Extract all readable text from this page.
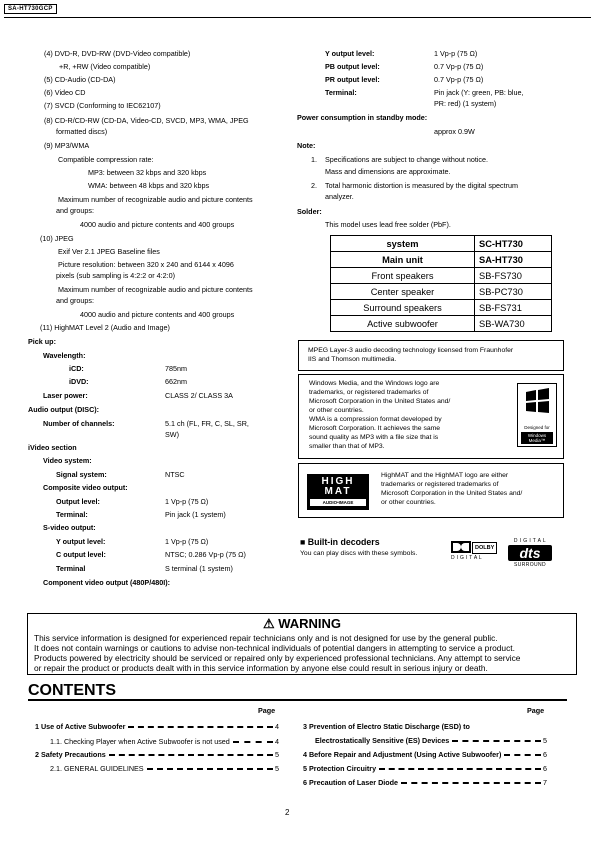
SA-HT730GCP
(4) DVD-R, DVD-RW (DVD-Video compatible)
+R, +RW (Video compatible)
(5) CD-Audio (CD-DA)
(6) Video CD
(7) SVCD (Conforming to IEC62107)
(8) CD-R/CD-RW (CD-DA, Video-CD, SVCD, MP3, WMA, JPEG
formatted discs)
(9) MP3/WMA
Compatible compression rate:
MP3: between 32 kbps and 320 kbps
WMA: between 48 kbps and 320 kbps
Maximum number of recognizable audio and picture contents
and groups:
4000 audio and picture contents and 400 groups
(10) JPEG
Exif Ver 2.1 JPEG Baseline files
Picture resolution: between 320 x 240 and 6144 x 4096
pixels (sub sampling is 4:2:2 or 4:2:0)
Maximum number of recognizable audio and picture contents
and groups:
4000 audio and picture contents and 400 groups
(11) HighMAT Level 2 (Audio and Image)
Pick up:
Wavelength:
iCD:	785nm
iDVD:	662nm
Laser power:	CLASS 2/ CLASS 3A
Audio output (DISC):
Number of channels:	5.1 ch (FL, FR, C, SL, SR,
SW)
iVideo section
Video system:
Signal system:	NTSC
Composite video output:
Output level:	1 Vp-p (75 Ω)
Terminal:	Pin jack (1 system)
S-video output:
Y output level:	1 Vp-p (75 Ω)
C output level:	NTSC; 0.286 Vp-p (75 Ω)
Terminal	S terminal (1 system)
Component video output (480P/480I):
Y output level:	1 Vp-p (75 Ω)
PB output level:	0.7 Vp-p (75 Ω)
PR output level:	0.7 Vp-p (75 Ω)
Terminal:	Pin jack (Y: green, PB: blue,
PR: red) (1 system)
Power consumption in standby mode:
approx 0.9W
Note:
1. Specifications are subject to change without notice.
Mass and dimensions are approximate.
2. Total harmonic distortion is measured by the digital spectrum
analyzer.
Solder:
This model uses lead free solder (PbF).
system	SC-HT730
Main unit	SA-HT730
Front speakers	SB-FS730
Center speaker	SB-PC730
Surround speakers	SB-FS731
Active subwoofer	SB-WA730
MPEG Layer-3 audio decoding technology licensed from Fraunhofer
IIS and Thomson multimedia.
Windows Media, and the Windows logo are
trademarks, or registered trademarks of
Microsoft Corporation in the United States and/
or other countries.
WMA is a compression format developed by
Microsoft Corporation. It achieves the same
sound quality as MP3 with a file size that is
smaller than that of MP3.
Designed for
Windows
Media™
HIGH
MAT
AUDIO•IMAGE
HighMAT and the HighMAT logo are either
trademarks or registered trademarks of
Microsoft Corporation in the United States and/
or other countries.
■ Built-in decoders
You can play discs with these symbols.
DOLBY
D I G I T A L
D I G I T A L
dts
SURROUND
⚠ WARNING
This service information is designed for experienced repair technicians only and is not designed for use by the general public.
It does not contain warnings or cautions to advise non-technical individuals of potential dangers in attempting to service a product.
Products powered by electricity should be serviced or repaired only by experienced professional technicians. Any attempt to service
or repair the product or products dealt with in this service information by anyone else could result in serious injury or death.
CONTENTS
Page	Page
1 Use of Active Subwoofer	4
1.1. Checking Player when Active Subwoofer is not used	4
2 Safety Precautions	5
2.1. GENERAL GUIDELINES	5
3 Prevention of Electro Static Discharge (ESD) to
Electrostatically Sensitive (ES) Devices	5
4 Before Repair and Adjustment (Using Active Subwoofer)	6
5 Protection Circuitry	6
6 Precaution of Laser Diode	7
2
